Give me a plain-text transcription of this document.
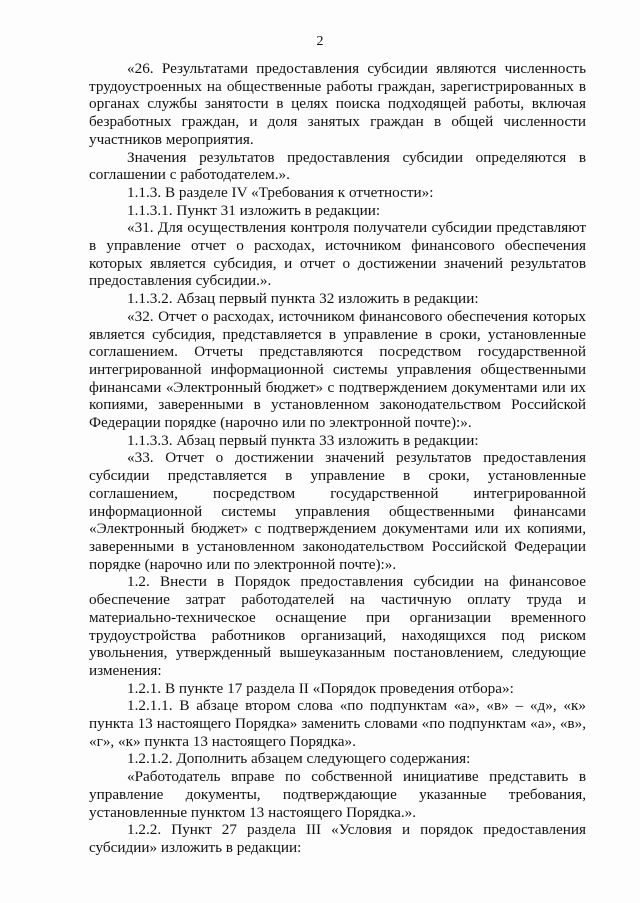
2

«26. Результатами предоставления субсидии являются численность трудоустроенных на общественные работы граждан, зарегистрированных в органах службы занятости в целях поиска подходящей работы, включая безработных граждан, и доля занятых граждан в общей численности участников мероприятия.

Значения результатов предоставления субсидии определяются в соглашении с работодателем.».

1.1.3. В разделе IV «Требования к отчетности»:

1.1.3.1. Пункт 31 изложить в редакции:

«31. Для осуществления контроля получатели субсидии представляют в управление отчет о расходах, источником финансового обеспечения которых является субсидия, и отчет о достижении значений результатов предоставления субсидии.».

1.1.3.2. Абзац первый пункта 32 изложить в редакции:

«32. Отчет о расходах, источником финансового обеспечения которых является субсидия, представляется в управление в сроки, установленные соглашением. Отчеты представляются посредством государственной интегрированной информационной системы управления общественными финансами «Электронный бюджет» с подтверждением документами или их копиями, заверенными в установленном законодательством Российской Федерации порядке (нарочно или по электронной почте):».

1.1.3.3. Абзац первый пункта 33 изложить в редакции:

«33. Отчет о достижении значений результатов предоставления субсидии представляется в управление в сроки, установленные соглашением, посредством государственной интегрированной информационной системы управления общественными финансами «Электронный бюджет» с подтверждением документами или их копиями, заверенными в установленном законодательством Российской Федерации порядке (нарочно или по электронной почте):».

1.2. Внести в Порядок предоставления субсидии на финансовое обеспечение затрат работодателей на частичную оплату труда и материально-техническое оснащение при организации временного трудоустройства работников организаций, находящихся под риском увольнения, утвержденный вышеуказанным постановлением, следующие изменения:

1.2.1. В пункте 17 раздела II «Порядок проведения отбора»:

1.2.1.1. В абзаце втором слова «по подпунктам «а», «в» – «д», «к» пункта 13 настоящего Порядка» заменить словами «по подпунктам «а», «в», «г», «к» пункта 13 настоящего Порядка».

1.2.1.2. Дополнить абзацем следующего содержания:

«Работодатель вправе по собственной инициативе представить в управление документы, подтверждающие указанные требования, установленные пунктом 13 настоящего Порядка.».

1.2.2. Пункт 27 раздела III «Условия и порядок предоставления субсидии» изложить в редакции:
